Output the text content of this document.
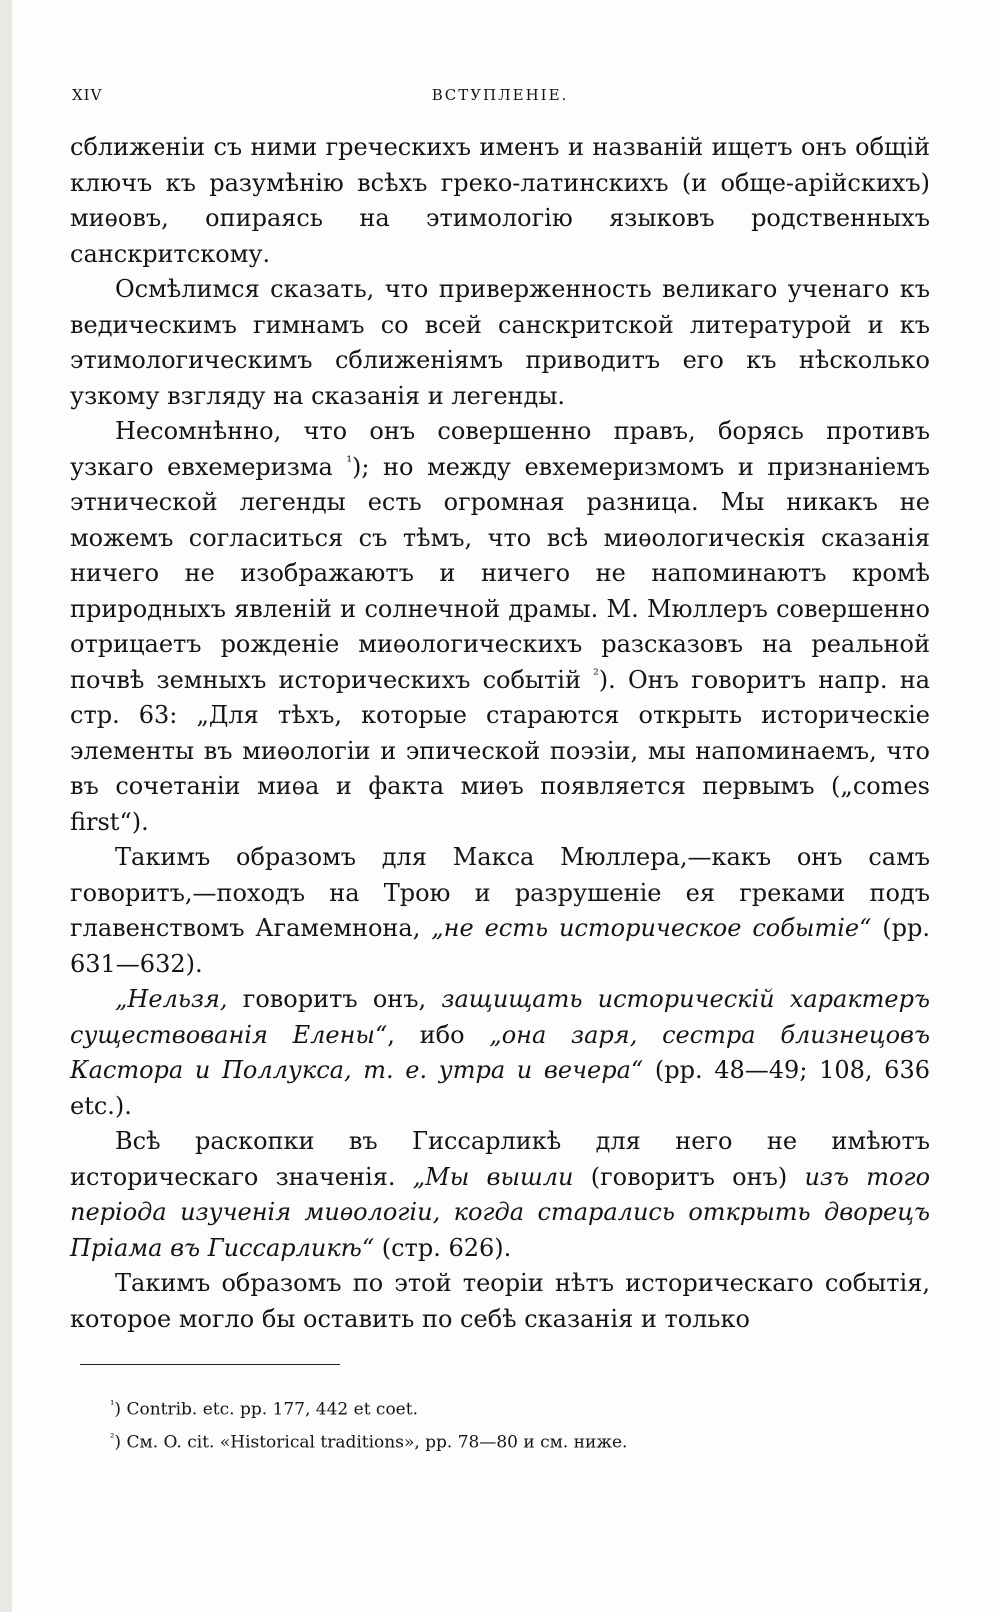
XIV	ВСТУПЛЕНІЕ.

сближеніи съ ними греческихъ именъ и названій ищетъ онъ общій ключъ къ разумѣнію всѣхъ греко-латинскихъ (и обще-арійскихъ) миѳовъ, опираясь на этимологію языковъ родственныхъ санскритскому.

Осмѣлимся сказать, что приверженность великаго ученаго къ ведическимъ гимнамъ со всей санскритской литературой и къ этимологическимъ сближеніямъ приводитъ его къ нѣсколько узкому взгляду на сказанія и легенды.

Несомнѣнно, что онъ совершенно правъ, борясь противъ узкаго евхемеризма $^{^1}$); но между евхемеризмомъ и признаніемъ этнической легенды есть огромная разница. Мы никакъ не можемъ согласиться съ тѣмъ, что всѣ миѳологическія сказанія ничего не изображаютъ и ничего не напоминаютъ кромѣ природныхъ явленій и солнечной драмы. М. Мюллеръ совершенно отрицаетъ рожденіе миѳологическихъ разсказовъ на реальной почвѣ земныхъ историческихъ событій $^{^2}$). Онъ говоритъ напр. на стр. 63: „Для тѣхъ, которые стараются открыть историческіе элементы въ миѳологіи и эпической поэзіи, мы напоминаемъ, что въ сочетаніи миѳа и факта миѳъ появляется первымъ („comes first“).

Такимъ образомъ для Макса Мюллера,—какъ онъ самъ говоритъ,—походъ на Трою и разрушеніе ея греками подъ главенствомъ Агамемнона, „не есть историческое событіе“ (pp. 631—632).

„Нельзя, говоритъ онъ, защищать историческій характеръ существованія Елены“, ибо „она заря, сестра близнецовъ Кастора и Поллукса, т. е. утра и вечера“ (pp. 48—49; 108, 636 etc.).

Всѣ раскопки въ Гиссарликѣ для него не имѣютъ историческаго значенія. „Мы вышли (говоритъ онъ) изъ того періода изученія миѳологіи, когда старались открыть дворецъ Пріама въ Гиссарликѣ“ (стр. 626).

Такимъ образомъ по этой теоріи нѣтъ историческаго событія, которое могло бы оставить по себѣ сказанія и только

$^{^1}$) Contrib. etc. pp. 177, 442 et coet.
$^{^2}$) См. O. cit. «Historical traditions», pp. 78—80 и см. ниже.
